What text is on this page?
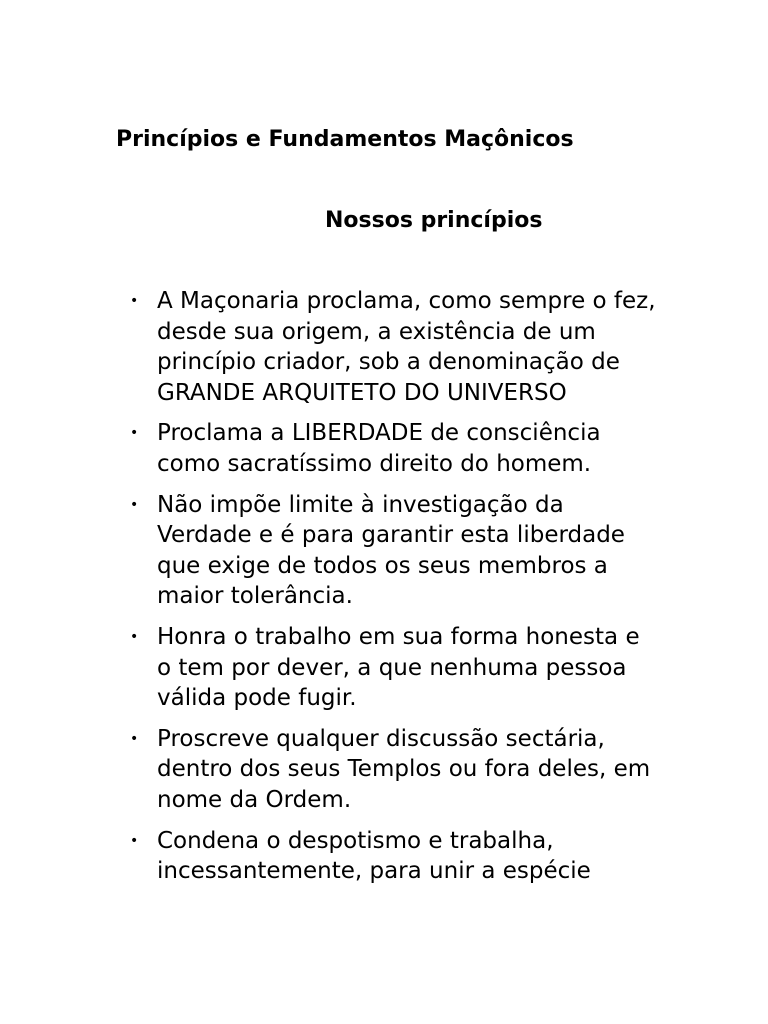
Princípios e Fundamentos Maçônicos
Nossos princípios
• A Maçonaria proclama, como sempre o fez, desde sua origem, a existência de um princípio criador, sob a denominação de GRANDE ARQUITETO DO UNIVERSO
• Proclama a LIBERDADE de consciência como sacratíssimo direito do homem.
• Não impõe limite à investigação da Verdade e é para garantir esta liberdade que exige de todos os seus membros a maior tolerância.
• Honra o trabalho em sua forma honesta e o tem por dever, a que nenhuma pessoa válida pode fugir.
• Proscreve qualquer discussão sectária, dentro dos seus Templos ou fora deles, em nome da Ordem.
• Condena o despotismo e trabalha, incessantemente, para unir a espécie
